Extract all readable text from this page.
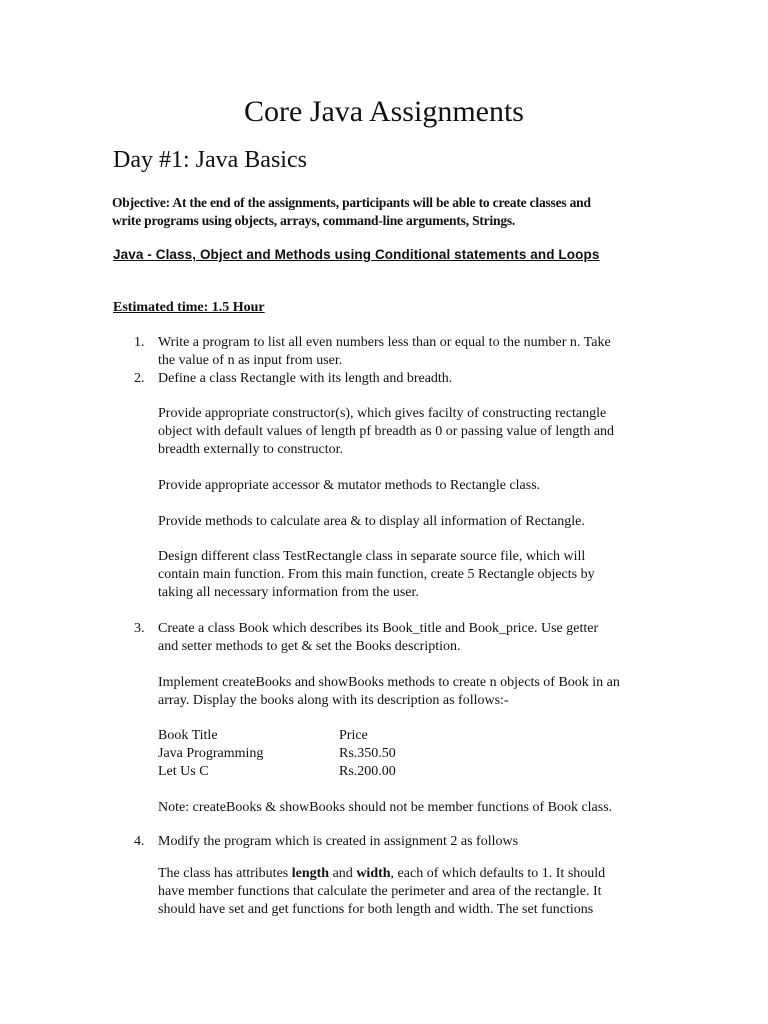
Core Java Assignments
Day #1: Java Basics
Objective: At the end of the assignments, participants will be able to create classes and
write programs using objects, arrays, command-line arguments, Strings.
Java - Class, Object and Methods using Conditional statements and Loops
Estimated time: 1.5 Hour
1. Write a program to list all even numbers less than or equal to the number n. Take
the value of n as input from user.
2. Define a class Rectangle with its length and breadth.
Provide appropriate constructor(s), which gives facilty of constructing rectangle
object with default values of length pf breadth as 0 or passing value of length and
breadth externally to constructor.
Provide appropriate accessor & mutator methods to Rectangle class.
Provide methods to calculate area & to display all information of Rectangle.
Design different class TestRectangle class in separate source file, which will
contain main function. From this main function, create 5 Rectangle objects by
taking all necessary information from the user.
3. Create a class Book which describes its Book_title and Book_price. Use getter
and setter methods to get & set the Books description.
Implement createBooks and showBooks methods to create n objects of Book in an
array. Display the books along with its description as follows:-
Book Title	Price
Java Programming	Rs.350.50
Let Us C	Rs.200.00
Note: createBooks & showBooks should not be member functions of Book class.
4. Modify the program which is created in assignment 2 as follows
The class has attributes length and width, each of which defaults to 1. It should
have member functions that calculate the perimeter and area of the rectangle. It
should have set and get functions for both length and width. The set functions
